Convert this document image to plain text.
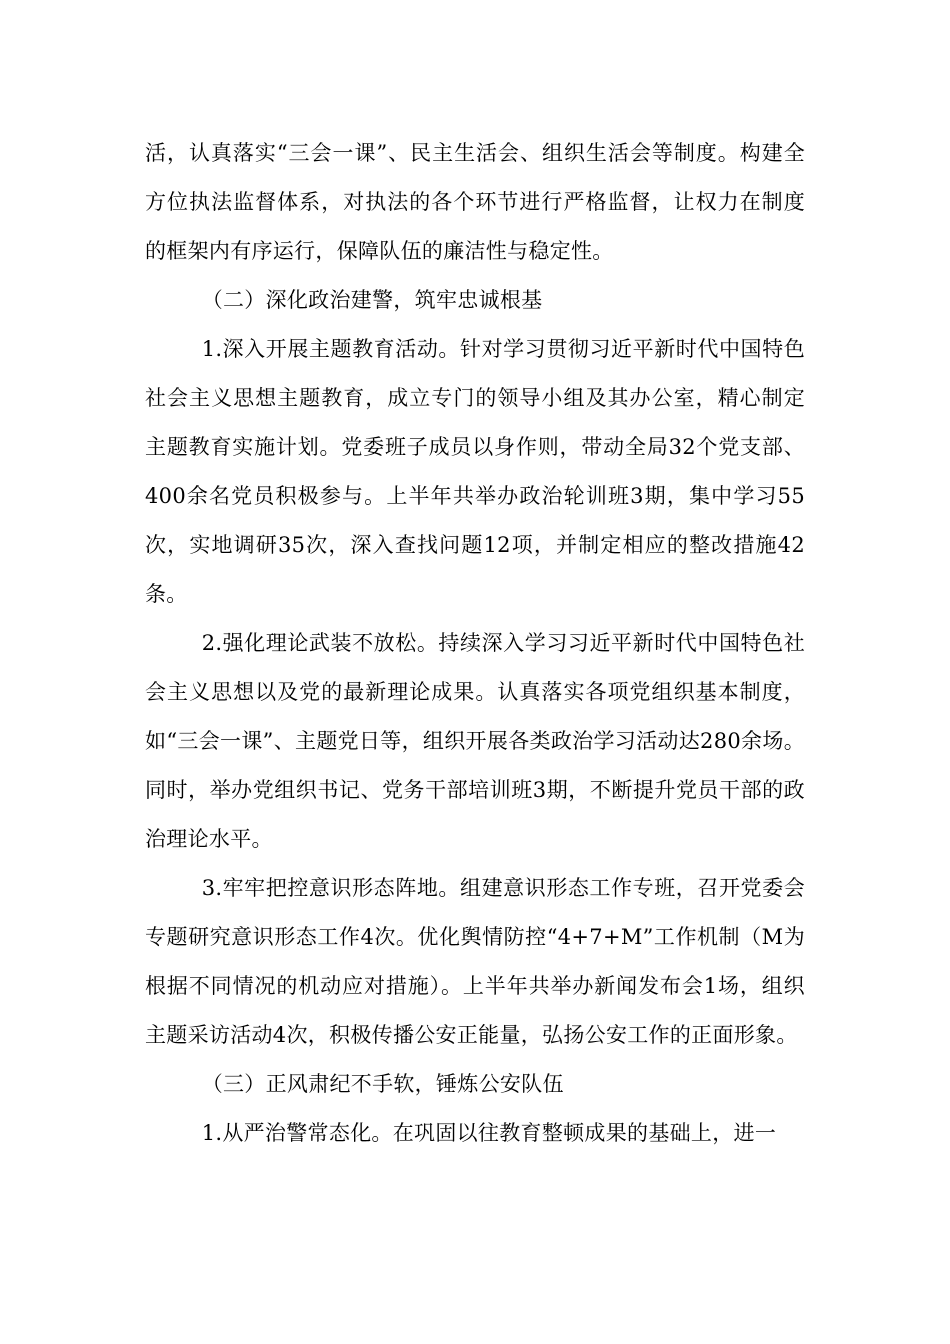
活，认真落实“三会一课”、民主生活会、组织生活会等制度。构建全方位执法监督体系，对执法的各个环节进行严格监督，让权力在制度的框架内有序运行，保障队伍的廉洁性与稳定性。

（二）深化政治建警，筑牢忠诚根基

1.深入开展主题教育活动。针对学习贯彻习近平新时代中国特色社会主义思想主题教育，成立专门的领导小组及其办公室，精心制定主题教育实施计划。党委班子成员以身作则，带动全局32个党支部、400余名党员积极参与。上半年共举办政治轮训班3期，集中学习55次，实地调研35次，深入查找问题12项，并制定相应的整改措施42条。

2.强化理论武装不放松。持续深入学习习近平新时代中国特色社会主义思想以及党的最新理论成果。认真落实各项党组织基本制度，如“三会一课”、主题党日等，组织开展各类政治学习活动达280余场。同时，举办党组织书记、党务干部培训班3期，不断提升党员干部的政治理论水平。

3.牢牢把控意识形态阵地。组建意识形态工作专班，召开党委会专题研究意识形态工作4次。优化舆情防控“4+7+M”工作机制（M为根据不同情况的机动应对措施）。上半年共举办新闻发布会1场，组织主题采访活动4次，积极传播公安正能量，弘扬公安工作的正面形象。

（三）正风肃纪不手软，锤炼公安队伍

1.从严治警常态化。在巩固以往教育整顿成果的基础上，进一
